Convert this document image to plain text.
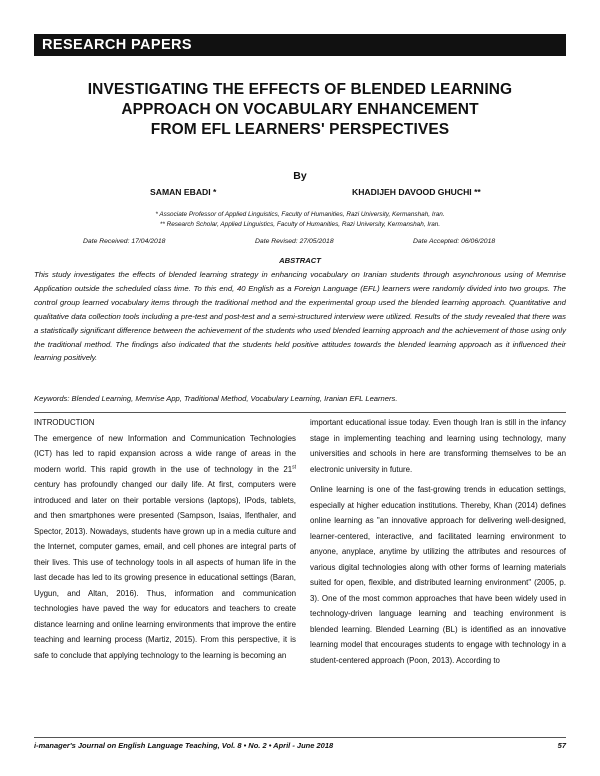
RESEARCH PAPERS
INVESTIGATING THE EFFECTS OF BLENDED LEARNING
APPROACH ON VOCABULARY ENHANCEMENT
FROM EFL LEARNERS' PERSPECTIVES
By
SAMAN EBADI *	KHADIJEH DAVOOD GHUCHI **
* Associate Professor of Applied Linguistics, Faculty of Humanities, Razi University, Kermanshah, Iran.
** Research Scholar, Applied Linguistics, Faculty of Humanities, Razi University, Kermanshah, Iran.
Date Received: 17/04/2018	Date Revised: 27/05/2018	Date Accepted: 06/06/2018
ABSTRACT
This study investigates the effects of blended learning strategy in enhancing vocabulary on Iranian students through asynchronous using of Memrise Application outside the scheduled class time. To this end, 40 English as a Foreign Language (EFL) learners were randomly divided into two groups. The control group learned vocabulary items through the traditional method and the experimental group used the blended learning approach. Quantitative and qualitative data collection tools including a pre-test and post-test and a semi-structured interview were utilized. Results of the study revealed that there was a statistically significant difference between the achievement of the students who used blended learning approach and the achievement of those using only the traditional method. The findings also indicated that the students held positive attitudes towards the blended learning approach as it influenced their learning positively.
Keywords: Blended Learning, Memrise App, Traditional Method, Vocabulary Learning, Iranian EFL Learners.
INTRODUCTION

The emergence of new Information and Communication Technologies (ICT) has led to rapid expansion across a wide range of areas in the modern world. This rapid growth in the use of technology in the 21st century has profoundly changed our daily life. At first, computers were introduced and later on their portable versions (laptops), IPods, tablets, and then smartphones were presented (Sampson, Isaias, Ifenthaler, and Spector, 2013). Nowadays, students have grown up in a media culture and the Internet, computer games, email, and cell phones are integral parts of their lives. This use of technology tools in all aspects of human life in the last decade has led to its growing presence in educational settings (Baran, Uygun, and Altan, 2016). Thus, information and communication technologies have paved the way for educators and teachers to create distance learning and online learning environments that improve the entire teaching and learning process (Martiz, 2015). From this perspective, it is safe to conclude that applying technology to the learning is becoming an

important educational issue today. Even though Iran is still in the infancy stage in implementing teaching and learning using technology, many universities and schools in here are transforming themselves to be an electronic university in future.

Online learning is one of the fast-growing trends in education settings, especially at higher education institutions. Thereby, Khan (2014) defines online learning as "an innovative approach for delivering well-designed, learner-centered, interactive, and facilitated learning environment to anyone, anyplace, anytime by utilizing the attributes and resources of various digital technologies along with other forms of learning materials suited for open, flexible, and distributed learning environment" (2005, p. 3). One of the most common approaches that have been widely used in technology-driven language learning and teaching environment is blended learning. Blended Learning (BL) is identified as an innovative learning model that encourages students to engage with technology in a student-centered approach (Poon, 2013). According to

i-manager's Journal on English Language Teaching, Vol. 8 • No. 2 • April - June 2018	57
